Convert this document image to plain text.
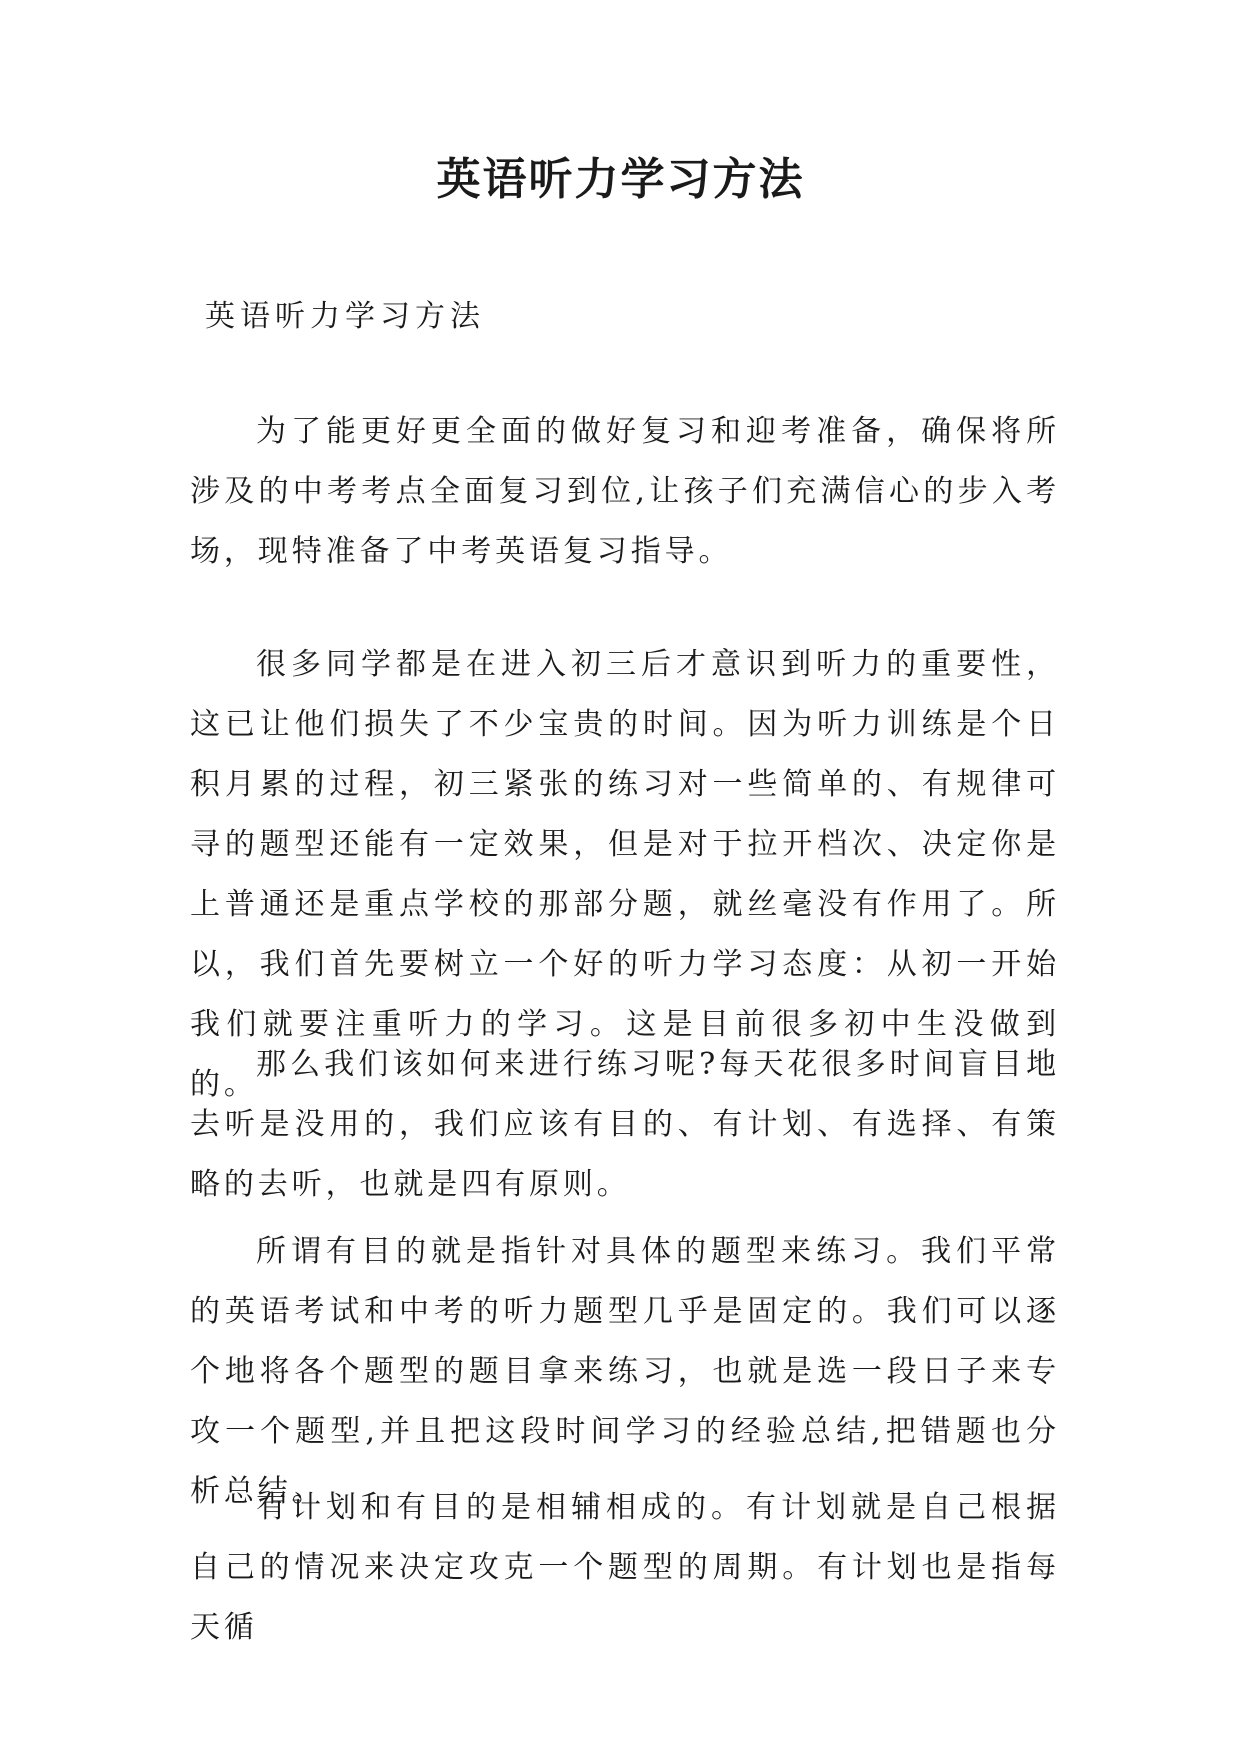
英语听力学习方法

英语听力学习方法

为了能更好更全面的做好复习和迎考准备，确保将所涉及的中考考点全面复习到位,让孩子们充满信心的步入考场，现特准备了中考英语复习指导。

很多同学都是在进入初三后才意识到听力的重要性，这已让他们损失了不少宝贵的时间。因为听力训练是个日积月累的过程，初三紧张的练习对一些简单的、有规律可寻的题型还能有一定效果，但是对于拉开档次、决定你是上普通还是重点学校的那部分题，就丝毫没有作用了。所以，我们首先要树立一个好的听力学习态度：从初一开始我们就要注重听力的学习。这是目前很多初中生没做到的。

那么我们该如何来进行练习呢?每天花很多时间盲目地去听是没用的，我们应该有目的、有计划、有选择、有策略的去听，也就是四有原则。

所谓有目的就是指针对具体的题型来练习。我们平常的英语考试和中考的听力题型几乎是固定的。我们可以逐个地将各个题型的题目拿来练习，也就是选一段日子来专攻一个题型,并且把这段时间学习的经验总结,把错题也分析总结。

有计划和有目的是相辅相成的。有计划就是自己根据自己的情况来决定攻克一个题型的周期。有计划也是指每天循
